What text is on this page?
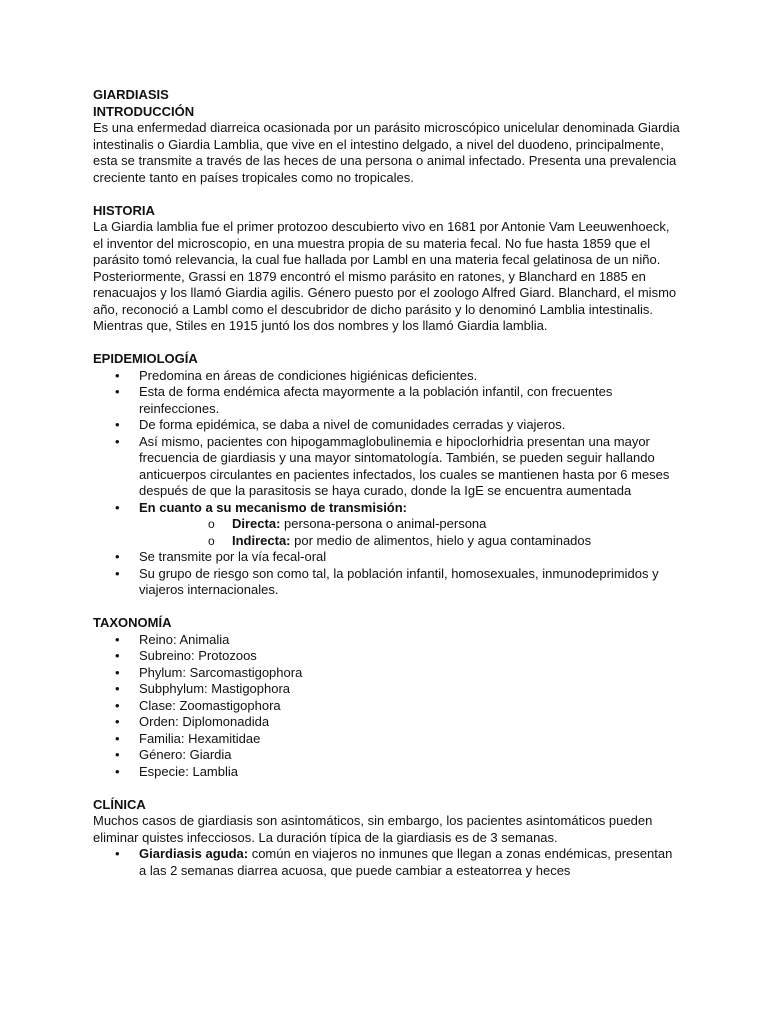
GIARDIASIS
INTRODUCCIÓN

Es una enfermedad diarreica ocasionada por un parásito microscópico unicelular denominada Giardia intestinalis o Giardia Lamblia, que vive en el intestino delgado, a nivel del duodeno, principalmente, esta se transmite a través de las heces de una persona o animal infectado. Presenta una prevalencia creciente tanto en países tropicales como no tropicales.

HISTORIA

La Giardia lamblia fue el primer protozoo descubierto vivo en 1681 por Antonie Vam Leeuwenhoeck, el inventor del microscopio, en una muestra propia de su materia fecal. No fue hasta 1859 que el parásito tomó relevancia, la cual fue hallada por Lambl en una materia fecal gelatinosa de un niño. Posteriormente, Grassi en 1879 encontró el mismo parásito en ratones, y Blanchard en 1885 en renacuajos y los llamó Giardia agilis. Género puesto por el zoologo Alfred Giard. Blanchard, el mismo año, reconoció a Lambl como el descubridor de dicho parásito y lo denominó Lamblia intestinalis. Mientras que, Stiles en 1915 juntó los dos nombres y los llamó Giardia lamblia.

EPIDEMIOLOGÍA
• Predomina en áreas de condiciones higiénicas deficientes.
• Esta de forma endémica afecta mayormente a la población infantil, con frecuentes reinfecciones.
• De forma epidémica, se daba a nivel de comunidades cerradas y viajeros.
• Así mismo, pacientes con hipogammaglobulinemia e hipoclorhidria presentan una mayor frecuencia de giardiasis y una mayor sintomatología. También, se pueden seguir hallando anticuerpos circulantes en pacientes infectados, los cuales se mantienen hasta por 6 meses después de que la parasitosis se haya curado, donde la IgE se encuentra aumentada
• En cuanto a su mecanismo de transmisión:
o Directa: persona-persona o animal-persona
o Indirecta: por medio de alimentos, hielo y agua contaminados
• Se transmite por la vía fecal-oral
• Su grupo de riesgo son como tal, la población infantil, homosexuales, inmunodeprimidos y viajeros internacionales.
TAXONOMÍA
• Reino: Animalia
• Subreino: Protozoos
• Phylum: Sarcomastigophora
• Subphylum: Mastigophora
• Clase: Zoomastigophora
• Orden: Diplomonadida
• Familia: Hexamitidae
• Género: Giardia
• Especie: Lamblia
CLÍNICA

Muchos casos de giardiasis son asintomáticos, sin embargo, los pacientes asintomáticos pueden eliminar quistes infecciosos. La duración típica de la giardiasis es de 3 semanas.

• Giardiasis aguda: común en viajeros no inmunes que llegan a zonas endémicas, presentan a las 2 semanas diarrea acuosa, que puede cambiar a esteatorrea y heces
